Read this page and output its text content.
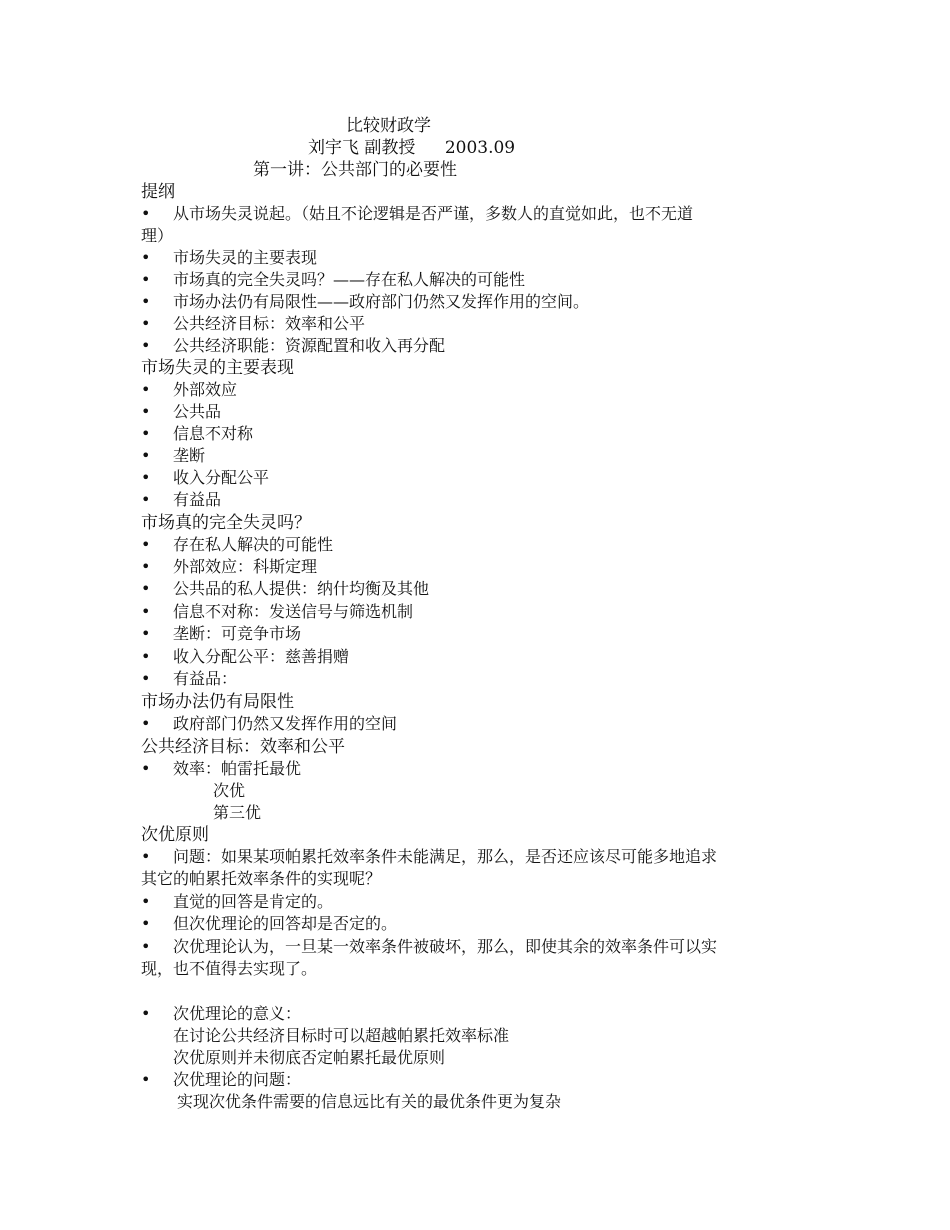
比较财政学
刘宇飞 副教授 2003.09
第一讲：公共部门的必要性
提纲
• 从市场失灵说起。（姑且不论逻辑是否严谨，多数人的直觉如此，也不无道
理）
• 市场失灵的主要表现
• 市场真的完全失灵吗？——存在私人解决的可能性
• 市场办法仍有局限性——政府部门仍然又发挥作用的空间。
• 公共经济目标：效率和公平
• 公共经济职能：资源配置和收入再分配
市场失灵的主要表现
• 外部效应
• 公共品
• 信息不对称
• 垄断
• 收入分配公平
• 有益品
市场真的完全失灵吗？
• 存在私人解决的可能性
• 外部效应：科斯定理
• 公共品的私人提供：纳什均衡及其他
• 信息不对称：发送信号与筛选机制
• 垄断：可竞争市场
• 收入分配公平：慈善捐赠
• 有益品：
市场办法仍有局限性
• 政府部门仍然又发挥作用的空间
公共经济目标：效率和公平
• 效率：帕雷托最优
次优
第三优
次优原则
• 问题：如果某项帕累托效率条件未能满足，那么，是否还应该尽可能多地追求
其它的帕累托效率条件的实现呢？
• 直觉的回答是肯定的。
• 但次优理论的回答却是否定的。
• 次优理论认为，一旦某一效率条件被破坏，那么，即使其余的效率条件可以实
现，也不值得去实现了。
• 次优理论的意义：
在讨论公共经济目标时可以超越帕累托效率标准
次优原则并未彻底否定帕累托最优原则
• 次优理论的问题：
实现次优条件需要的信息远比有关的最优条件更为复杂
